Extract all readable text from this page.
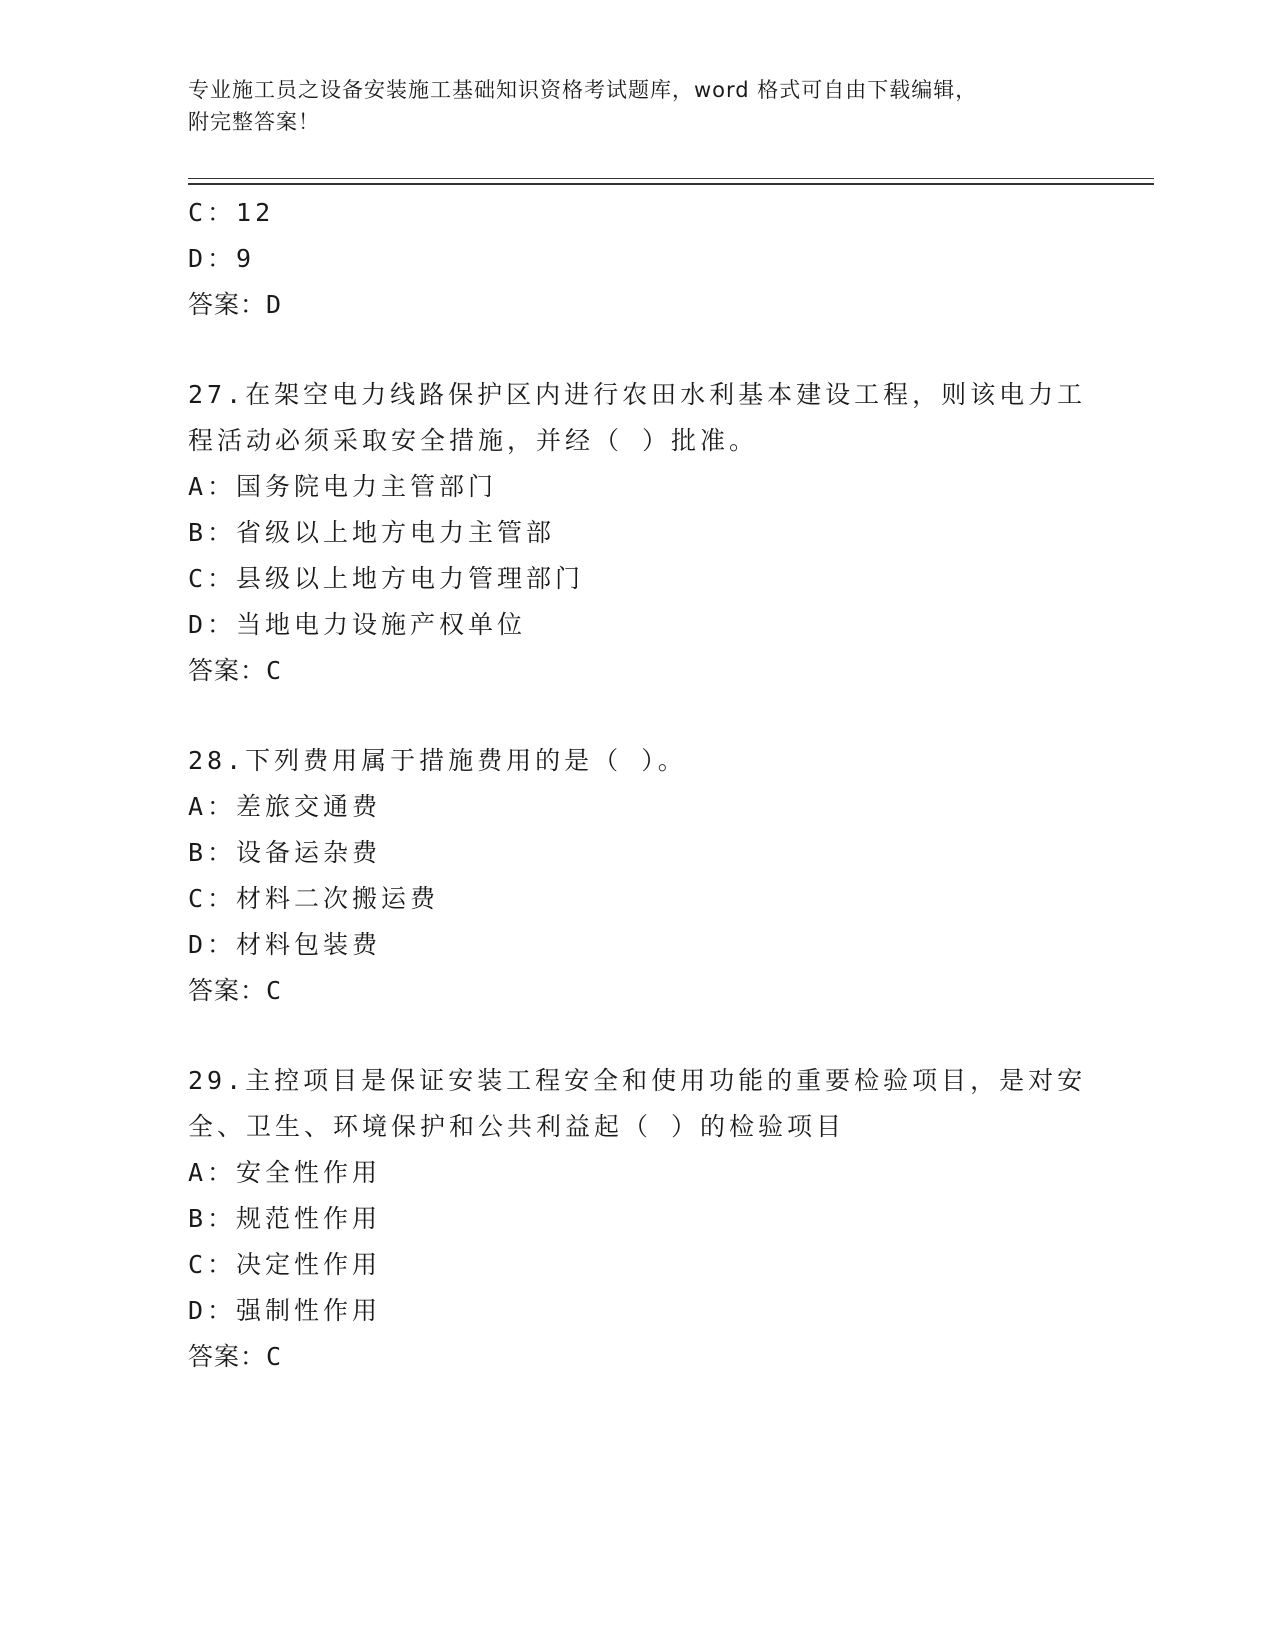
专业施工员之设备安装施工基础知识资格考试题库，word 格式可自由下载编辑，
附完整答案！
C：12
D：9
答案：D
27.在架空电力线路保护区内进行农田水利基本建设工程，则该电力工
程活动必须采取安全措施，并经（ ）批准。
A：国务院电力主管部门
B：省级以上地方电力主管部
C：县级以上地方电力管理部门
D：当地电力设施产权单位
答案：C
28.下列费用属于措施费用的是（ ）。
A：差旅交通费
B：设备运杂费
C：材料二次搬运费
D：材料包装费
答案：C
29.主控项目是保证安装工程安全和使用功能的重要检验项目，是对安
全、卫生、环境保护和公共利益起（ ）的检验项目
A：安全性作用
B：规范性作用
C：决定性作用
D：强制性作用
答案：C
